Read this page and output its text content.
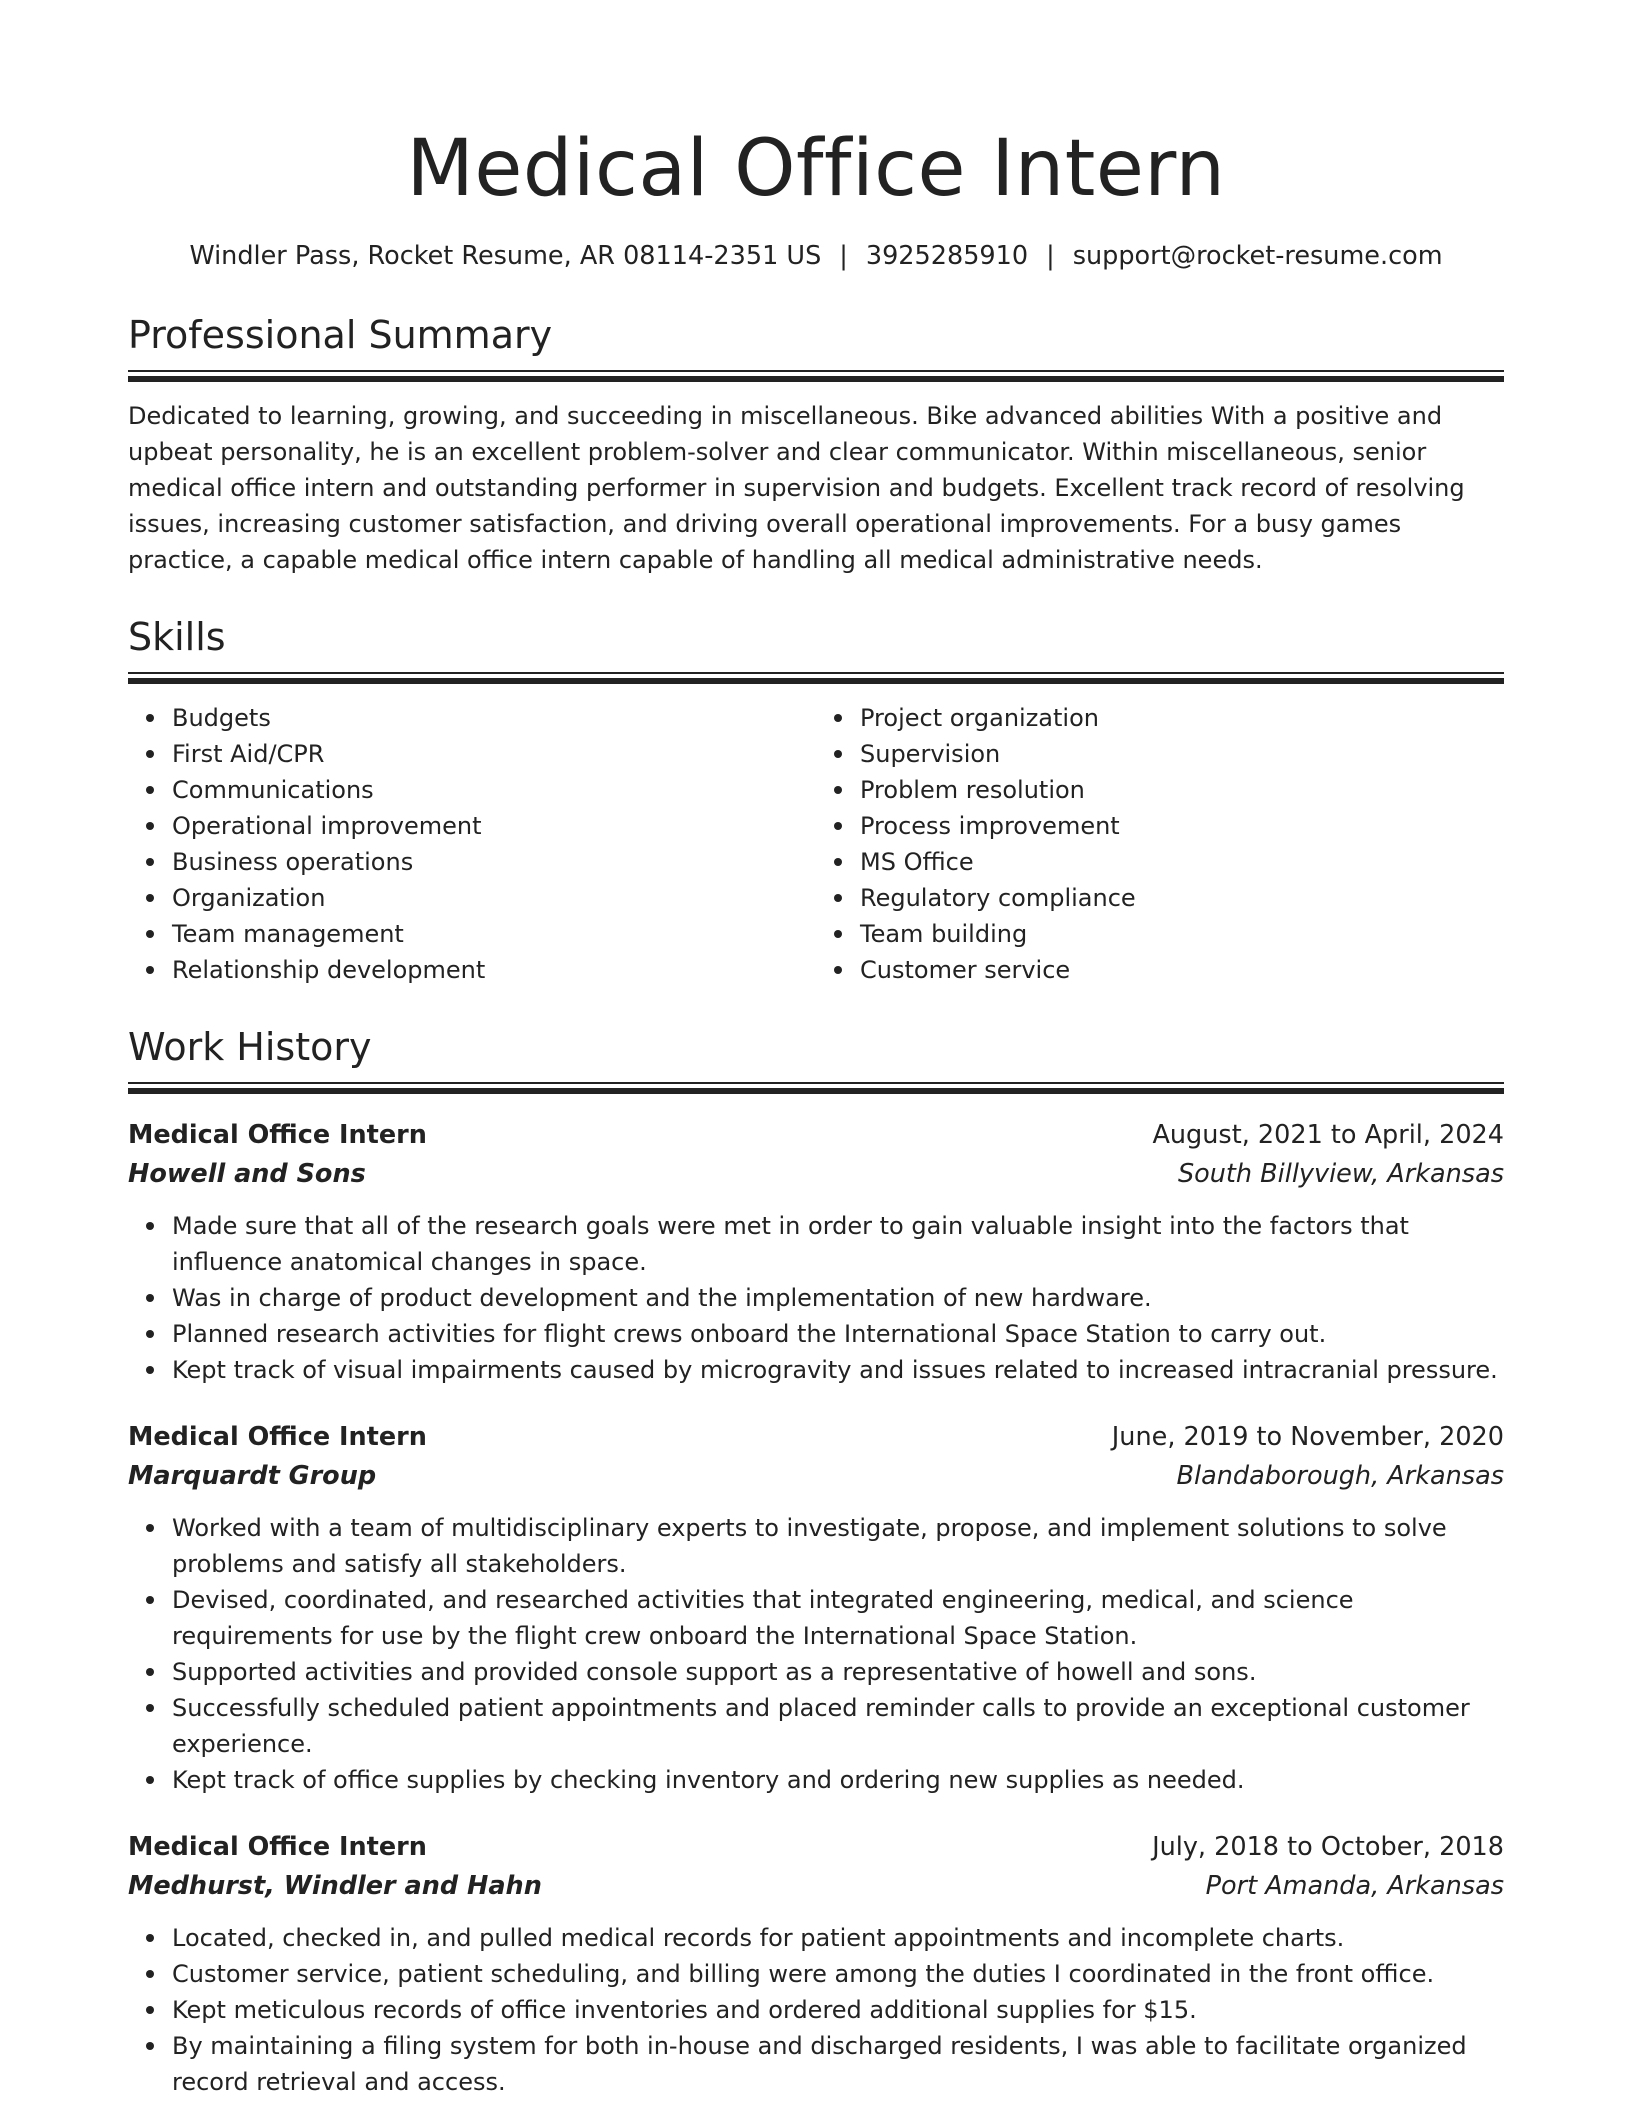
Medical Office Intern
Windler Pass, Rocket Resume, AR 08114-2351 US | 3925285910 | support@rocket-resume.com
Professional Summary

Dedicated to learning, growing, and succeeding in miscellaneous. Bike advanced abilities With a positive and upbeat personality, he is an excellent problem-solver and clear communicator. Within miscellaneous, senior medical office intern and outstanding performer in supervision and budgets. Excellent track record of resolving issues, increasing customer satisfaction, and driving overall operational improvements. For a busy games practice, a capable medical office intern capable of handling all medical administrative needs.

Skills
Budgets
First Aid/CPR
Communications
Operational improvement
Business operations
Organization
Team management
Relationship development
Project organization
Supervision
Problem resolution
Process improvement
MS Office
Regulatory compliance
Team building
Customer service
Work History
Medical Office Intern	August, 2021 to April, 2024
Howell and Sons	South Billyview, Arkansas
Made sure that all of the research goals were met in order to gain valuable insight into the factors that influence anatomical changes in space.
Was in charge of product development and the implementation of new hardware.
Planned research activities for flight crews onboard the International Space Station to carry out.
Kept track of visual impairments caused by microgravity and issues related to increased intracranial pressure.
Medical Office Intern	June, 2019 to November, 2020
Marquardt Group	Blandaborough, Arkansas
Worked with a team of multidisciplinary experts to investigate, propose, and implement solutions to solve problems and satisfy all stakeholders.
Devised, coordinated, and researched activities that integrated engineering, medical, and science requirements for use by the flight crew onboard the International Space Station.
Supported activities and provided console support as a representative of howell and sons.
Successfully scheduled patient appointments and placed reminder calls to provide an exceptional customer experience.
Kept track of office supplies by checking inventory and ordering new supplies as needed.
Medical Office Intern	July, 2018 to October, 2018
Medhurst, Windler and Hahn	Port Amanda, Arkansas
Located, checked in, and pulled medical records for patient appointments and incomplete charts.
Customer service, patient scheduling, and billing were among the duties I coordinated in the front office.
Kept meticulous records of office inventories and ordered additional supplies for $15.
By maintaining a filing system for both in-house and discharged residents, I was able to facilitate organized record retrieval and access.
